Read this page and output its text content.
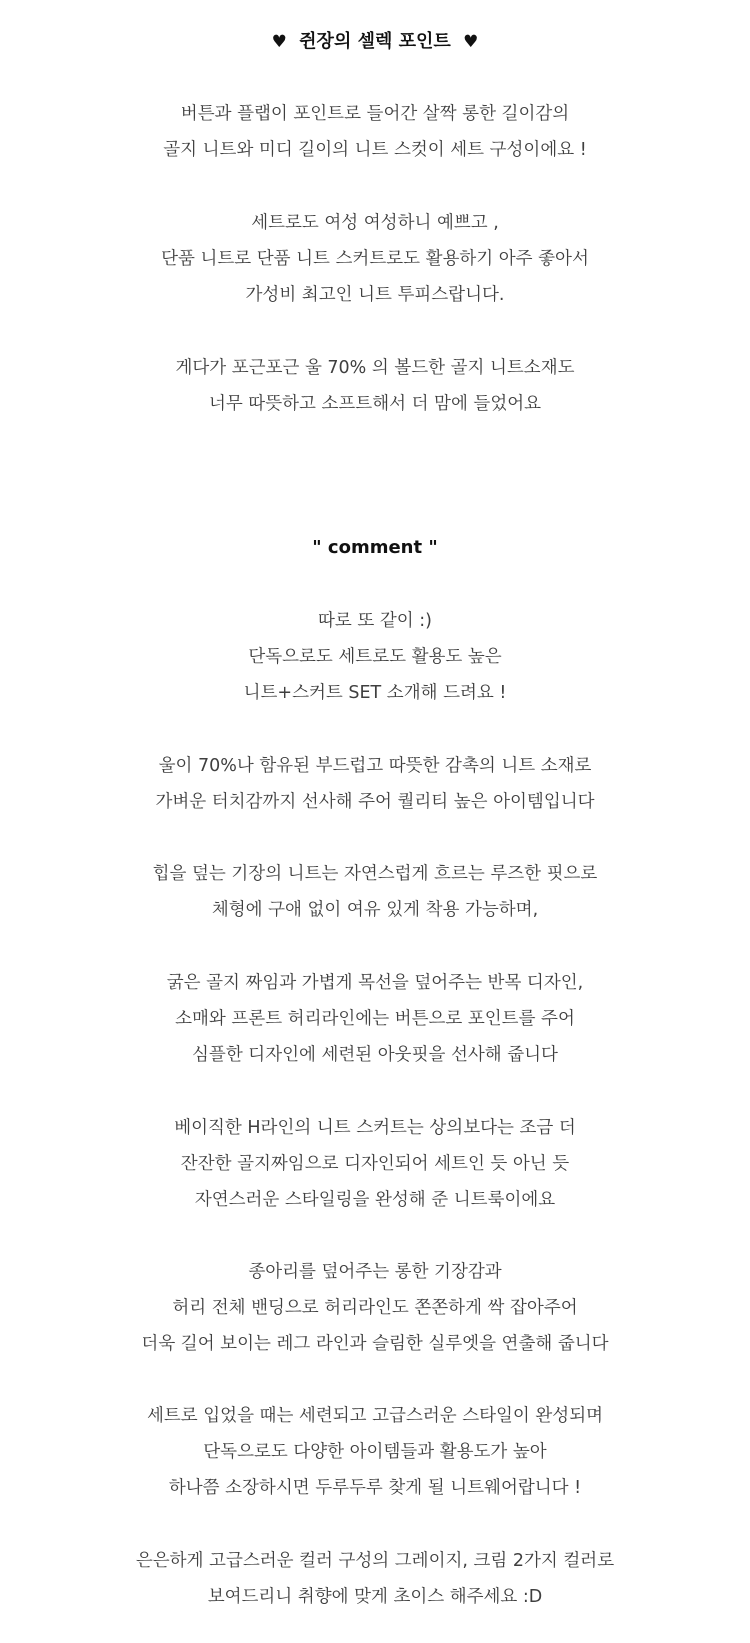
♥ 쥔장의 셀렉 포인트 ♥
버튼과 플랩이 포인트로 들어간 살짝 롱한 길이감의
골지 니트와 미디 길이의 니트 스컷이 세트 구성이에요 !
세트로도 여성 여성하니 예쁘고 ,
단품 니트로 단품 니트 스커트로도 활용하기 아주 좋아서
가성비 최고인 니트 투피스랍니다.
게다가 포근포근 울 70% 의 볼드한 골지 니트소재도
너무 따뜻하고 소프트해서 더 맘에 들었어요
" comment "
따로 또 같이 :)
단독으로도 세트로도 활용도 높은
니트+스커트 SET 소개해 드려요 !
울이 70%나 함유된 부드럽고 따뜻한 감촉의 니트 소재로
가벼운 터치감까지 선사해 주어 퀄리티 높은 아이템입니다
힙을 덮는 기장의 니트는 자연스럽게 흐르는 루즈한 핏으로
체형에 구애 없이 여유 있게 착용 가능하며,
굵은 골지 짜임과 가볍게 목선을 덮어주는 반목 디자인,
소매와 프론트 허리라인에는 버튼으로 포인트를 주어
심플한 디자인에 세련된 아웃핏을 선사해 줍니다
베이직한 H라인의 니트 스커트는 상의보다는 조금 더
잔잔한 골지짜임으로 디자인되어 세트인 듯 아닌 듯
자연스러운 스타일링을 완성해 준 니트룩이에요
종아리를 덮어주는 롱한 기장감과
허리 전체 밴딩으로 허리라인도 쫀쫀하게 싹 잡아주어
더욱 길어 보이는 레그 라인과 슬림한 실루엣을 연출해 줍니다
세트로 입었을 때는 세련되고 고급스러운 스타일이 완성되며
단독으로도 다양한 아이템들과 활용도가 높아
하나쯤 소장하시면 두루두루 찾게 될 니트웨어랍니다 !
은은하게 고급스러운 컬러 구성의 그레이지, 크림 2가지 컬러로
보여드리니 취향에 맞게 초이스 해주세요 :D
